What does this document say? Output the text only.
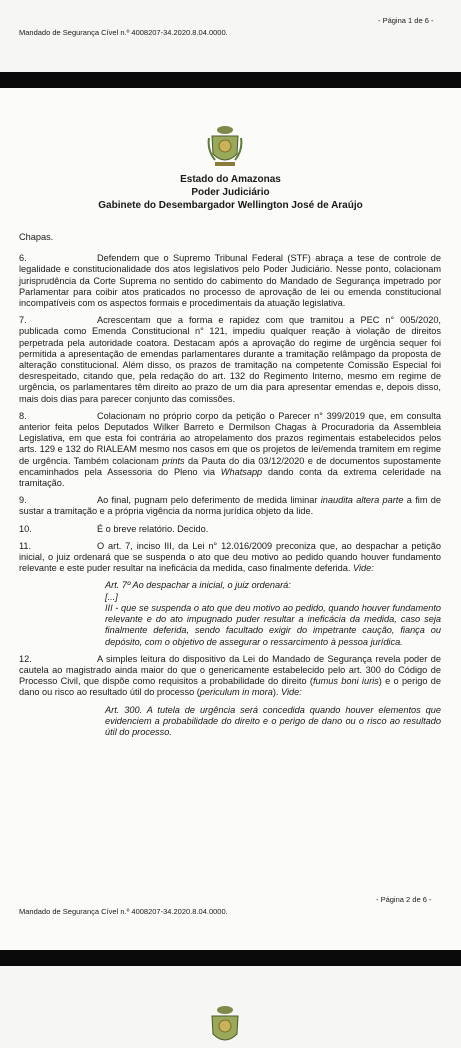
Mandado de Segurança Cível n.º 4008207-34.2020.8.04.0000.
- Página 1 de 6 -
Estado do Amazonas
Poder Judiciário
Gabinete do Desembargador Wellington José de Araújo

Chapas.

6.	Defendem que o Supremo Tribunal Federal (STF) abraça a tese de controle de legalidade e constitucionalidade dos atos legislativos pelo Poder Judiciário. Nesse ponto, colacionam jurisprudência da Corte Suprema no sentido do cabimento do Mandado de Segurança impetrado por Parlamentar para coibir atos praticados no processo de aprovação de lei ou emenda constitucional incompatíveis com os aspectos formais e procedimentais da atuação legislativa.

7.	Acrescentam que a forma e rapidez com que tramitou a PEC n° 005/2020, publicada como Emenda Constitucional n° 121, impediu qualquer reação à violação de direitos perpetrada pela autoridade coatora. Destacam após a aprovação do regime de urgência sequer foi permitida a apresentação de emendas parlamentares durante a tramitação relâmpago da proposta de alteração constitucional. Além disso, os prazos de tramitação na competente Comissão Especial foi desrespeitado, citando que, pela redação do art. 132 do Regimento Interno, mesmo em regime de urgência, os parlamentares têm direito ao prazo de um dia para apresentar emendas e, depois disso, mais dois dias para parecer conjunto das comissões.

8.	Colacionam no próprio corpo da petição o Parecer n° 399/2019 que, em consulta anterior feita pelos Deputados Wilker Barreto e Dermilson Chagas à Procuradoria da Assembleia Legislativa, em que esta foi contrária ao atropelamento dos prazos regimentais estabelecidos pelos arts. 129 e 132 do RIALEAM mesmo nos casos em que os projetos de lei/emenda tramitem em regime de urgência. Também colacionam prints da Pauta do dia 03/12/2020 e de documentos supostamente encaminhados pela Assessoria do Pleno via Whatsapp dando conta da extrema celeridade na tramitação.

9.	Ao final, pugnam pelo deferimento de medida liminar inaudita altera parte a fim de sustar a tramitação e a própria vigência da norma jurídica objeto da lide.

10.	É o breve relatório. Decido.

11.	O art. 7, inciso III, da Lei n° 12.016/2009 preconiza que, ao despachar a petição inicial, o juiz ordenará que se suspenda o ato que deu motivo ao pedido quando houver fundamento relevante e este puder resultar na ineficácia da medida, caso finalmente deferida. Vide:

Art. 7º Ao despachar a inicial, o juiz ordenará:

[...]

III - que se suspenda o ato que deu motivo ao pedido, quando houver fundamento relevante e do ato impugnado puder resultar a ineficácia da medida, caso seja finalmente deferida, sendo facultado exigir do impetrante caução, fiança ou depósito, com o objetivo de assegurar o ressarcimento à pessoa jurídica.

12.	A simples leitura do dispositivo da Lei do Mandado de Segurança revela poder de cautela ao magistrado ainda maior do que o genericamente estabelecido pelo art. 300 do Código de Processo Civil, que dispõe como requisitos a probabilidade do direito (fumus boni iuris) e o perigo de dano ou risco ao resultado útil do processo (periculum in mora). Vide:

Art. 300. A tutela de urgência será concedida quando houver elementos que evidenciem a probabilidade do direito e o perigo de dano ou o risco ao resultado útil do processo.

- Página 2 de 6 -
Mandado de Segurança Cível n.º 4008207-34.2020.8.04.0000.
